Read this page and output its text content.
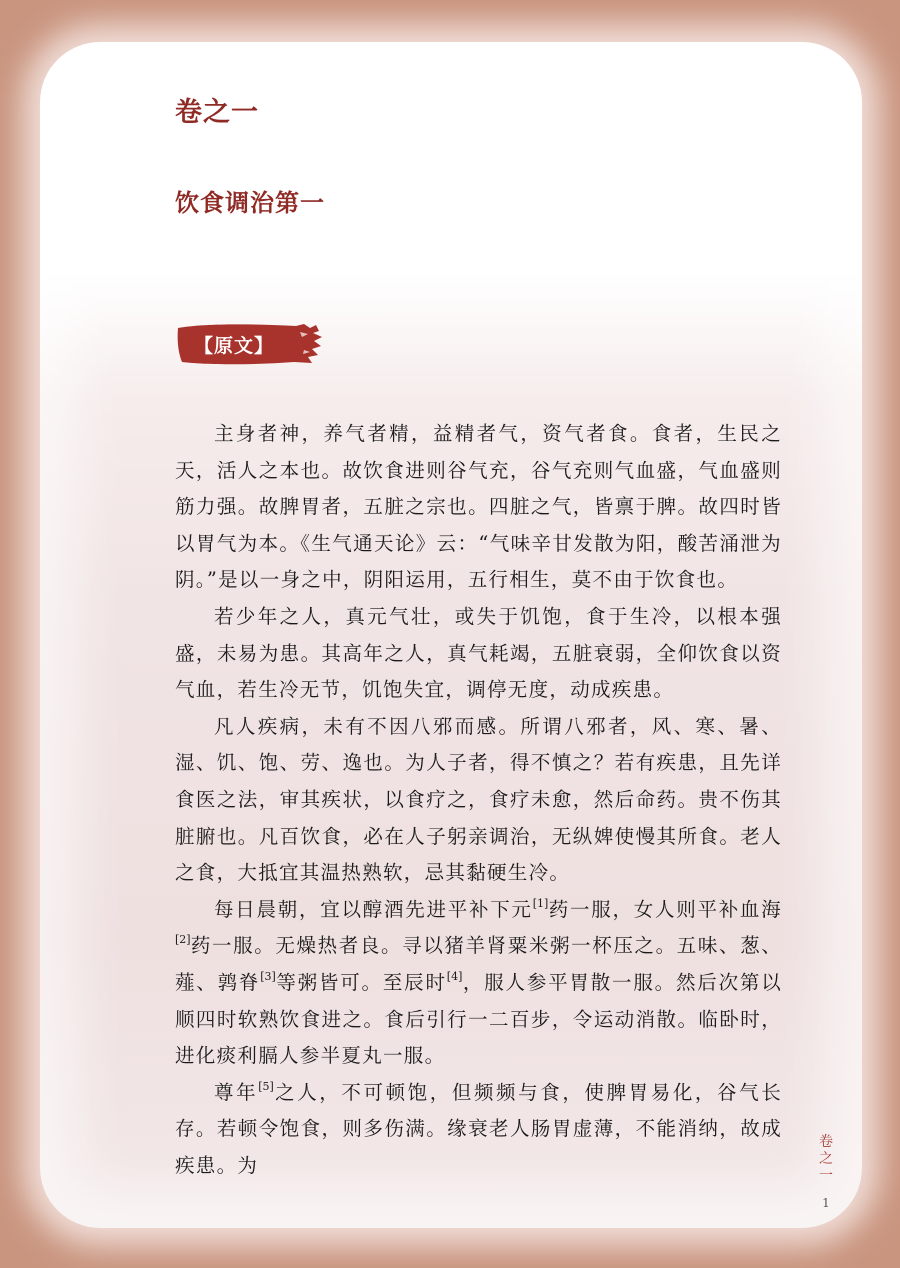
卷之一
饮食调治第一
【原文】

主身者神，养气者精，益精者气，资气者食。食者，生民之天，活人之本也。故饮食进则谷气充，谷气充则气血盛，气血盛则筋力强。故脾胃者，五脏之宗也。四脏之气，皆禀于脾。故四时皆以胃气为本。《生气通天论》云：“气味辛甘发散为阳，酸苦涌泄为阴。”是以一身之中，阴阳运用，五行相生，莫不由于饮食也。

若少年之人，真元气壮，或失于饥饱，食于生冷，以根本强盛，未易为患。其高年之人，真气耗竭，五脏衰弱，全仰饮食以资气血，若生冷无节，饥饱失宜，调停无度，动成疾患。

凡人疾病，未有不因八邪而感。所谓八邪者，风、寒、暑、湿、饥、饱、劳、逸也。为人子者，得不慎之？若有疾患，且先详食医之法，审其疾状，以食疗之，食疗未愈，然后命药。贵不伤其脏腑也。凡百饮食，必在人子躬亲调治，无纵婢使慢其所食。老人之食，大抵宜其温热熟软，忌其黏硬生冷。

每日晨朝，宜以醇酒先进平补下元[1]药一服，女人则平补血海[2]药一服。无燥热者良。寻以猪羊肾粟米粥一杯压之。五味、葱、薤、鹑脊[3]等粥皆可。至辰时[4]，服人参平胃散一服。然后次第以顺四时软熟饮食进之。食后引行一二百步，令运动消散。临卧时，进化痰利膈人参半夏丸一服。

尊年[5]之人，不可顿饱，但频频与食，使脾胃易化，谷气长存。若顿令饱食，则多伤满。缘衰老人肠胃虚薄，不能消纳，故成疾患。为

卷
之
一
1
